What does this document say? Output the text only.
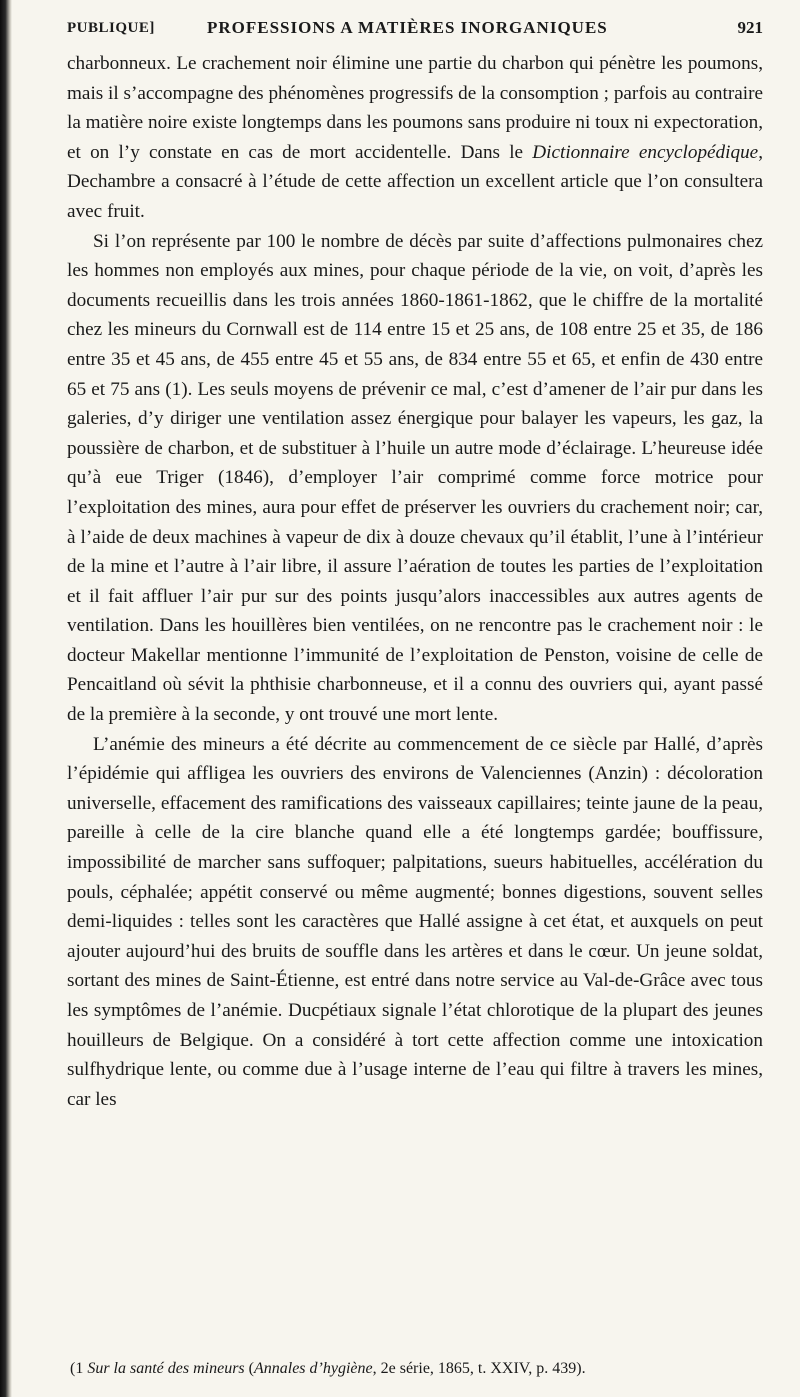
PUBLIQUE]	PROFESSIONS A MATIÈRES INORGANIQUES	921

charbonneux. Le crachement noir élimine une partie du charbon qui pénètre les poumons, mais il s’accompagne des phénomènes progressifs de la consomption ; parfois au contraire la matière noire existe longtemps dans les poumons sans produire ni toux ni expectoration, et on l’y constate en cas de mort accidentelle. Dans le Dictionnaire encyclopédique, Dechambre a consacré à l’étude de cette affection un excellent article que l’on consultera avec fruit.

Si l’on représente par 100 le nombre de décès par suite d’affections pulmonaires chez les hommes non employés aux mines, pour chaque période de la vie, on voit, d’après les documents recueillis dans les trois années 1860-1861-1862, que le chiffre de la mortalité chez les mineurs du Cornwall est de 114 entre 15 et 25 ans, de 108 entre 25 et 35, de 186 entre 35 et 45 ans, de 455 entre 45 et 55 ans, de 834 entre 55 et 65, et enfin de 430 entre 65 et 75 ans (1). Les seuls moyens de prévenir ce mal, c’est d’amener de l’air pur dans les galeries, d’y diriger une ventilation assez énergique pour balayer les vapeurs, les gaz, la poussière de charbon, et de substituer à l’huile un autre mode d’éclairage. L’heureuse idée qu’à eue Triger (1846), d’employer l’air comprimé comme force motrice pour l’exploitation des mines, aura pour effet de préserver les ouvriers du crachement noir; car, à l’aide de deux machines à vapeur de dix à douze chevaux qu’il établit, l’une à l’intérieur de la mine et l’autre à l’air libre, il assure l’aération de toutes les parties de l’exploitation et il fait affluer l’air pur sur des points jusqu’alors inaccessibles aux autres agents de ventilation. Dans les houillères bien ventilées, on ne rencontre pas le crachement noir : le docteur Makellar mentionne l’immunité de l’exploitation de Penston, voisine de celle de Pencaitland où sévit la phthisie charbonneuse, et il a connu des ouvriers qui, ayant passé de la première à la seconde, y ont trouvé une mort lente.

L’anémie des mineurs a été décrite au commencement de ce siècle par Hallé, d’après l’épidémie qui affligea les ouvriers des environs de Valenciennes (Anzin) : décoloration universelle, effacement des ramifications des vaisseaux capillaires; teinte jaune de la peau, pareille à celle de la cire blanche quand elle a été longtemps gardée; bouffissure, impossibilité de marcher sans suffoquer; palpitations, sueurs habituelles, accélération du pouls, céphalée; appétit conservé ou même augmenté; bonnes digestions, souvent selles demi-liquides : telles sont les caractères que Hallé assigne à cet état, et auxquels on peut ajouter aujourd’hui des bruits de souffle dans les artères et dans le cœur. Un jeune soldat, sortant des mines de Saint-Étienne, est entré dans notre service au Val-de-Grâce avec tous les symptômes de l’anémie. Ducpétiaux signale l’état chlorotique de la plupart des jeunes houilleurs de Belgique. On a considéré à tort cette affection comme une intoxication sulfhydrique lente, ou comme due à l’usage interne de l’eau qui filtre à travers les mines, car les

(1 Sur la santé des mineurs (Annales d’hygiène, 2e série, 1865, t. XXIV, p. 439).
